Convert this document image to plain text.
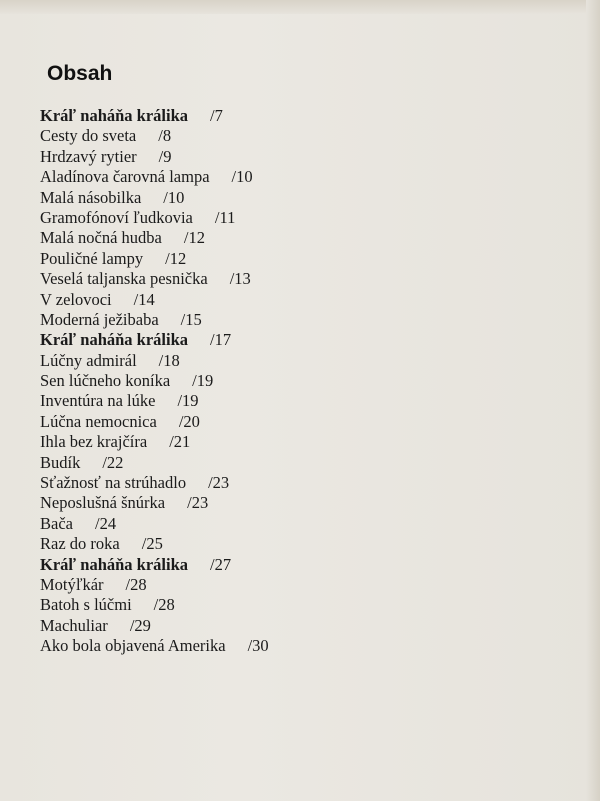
Obsah
Kráľ naháňa králika /7
Cesty do sveta /8
Hrdzavý rytier /9
Aladínova čarovná lampa /10
Malá násobilka /10
Gramofónoví ľudkovia /11
Malá nočná hudba /12
Pouličné lampy /12
Veselá taljanska pesnička /13
V zelovoci /14
Moderná ježibaba /15
Kráľ naháňa králika /17
Lúčny admirál /18
Sen lúčneho koníka /19
Inventúra na lúke /19
Lúčna nemocnica /20
Ihla bez krajčíra /21
Budík /22
Sťažnosť na strúhadlo /23
Neposlušná šnúrka /23
Bača /24
Raz do roka /25
Kráľ naháňa králika /27
Motýľkár /28
Batoh s lúčmi /28
Machuliar /29
Ako bola objavená Amerika /30
